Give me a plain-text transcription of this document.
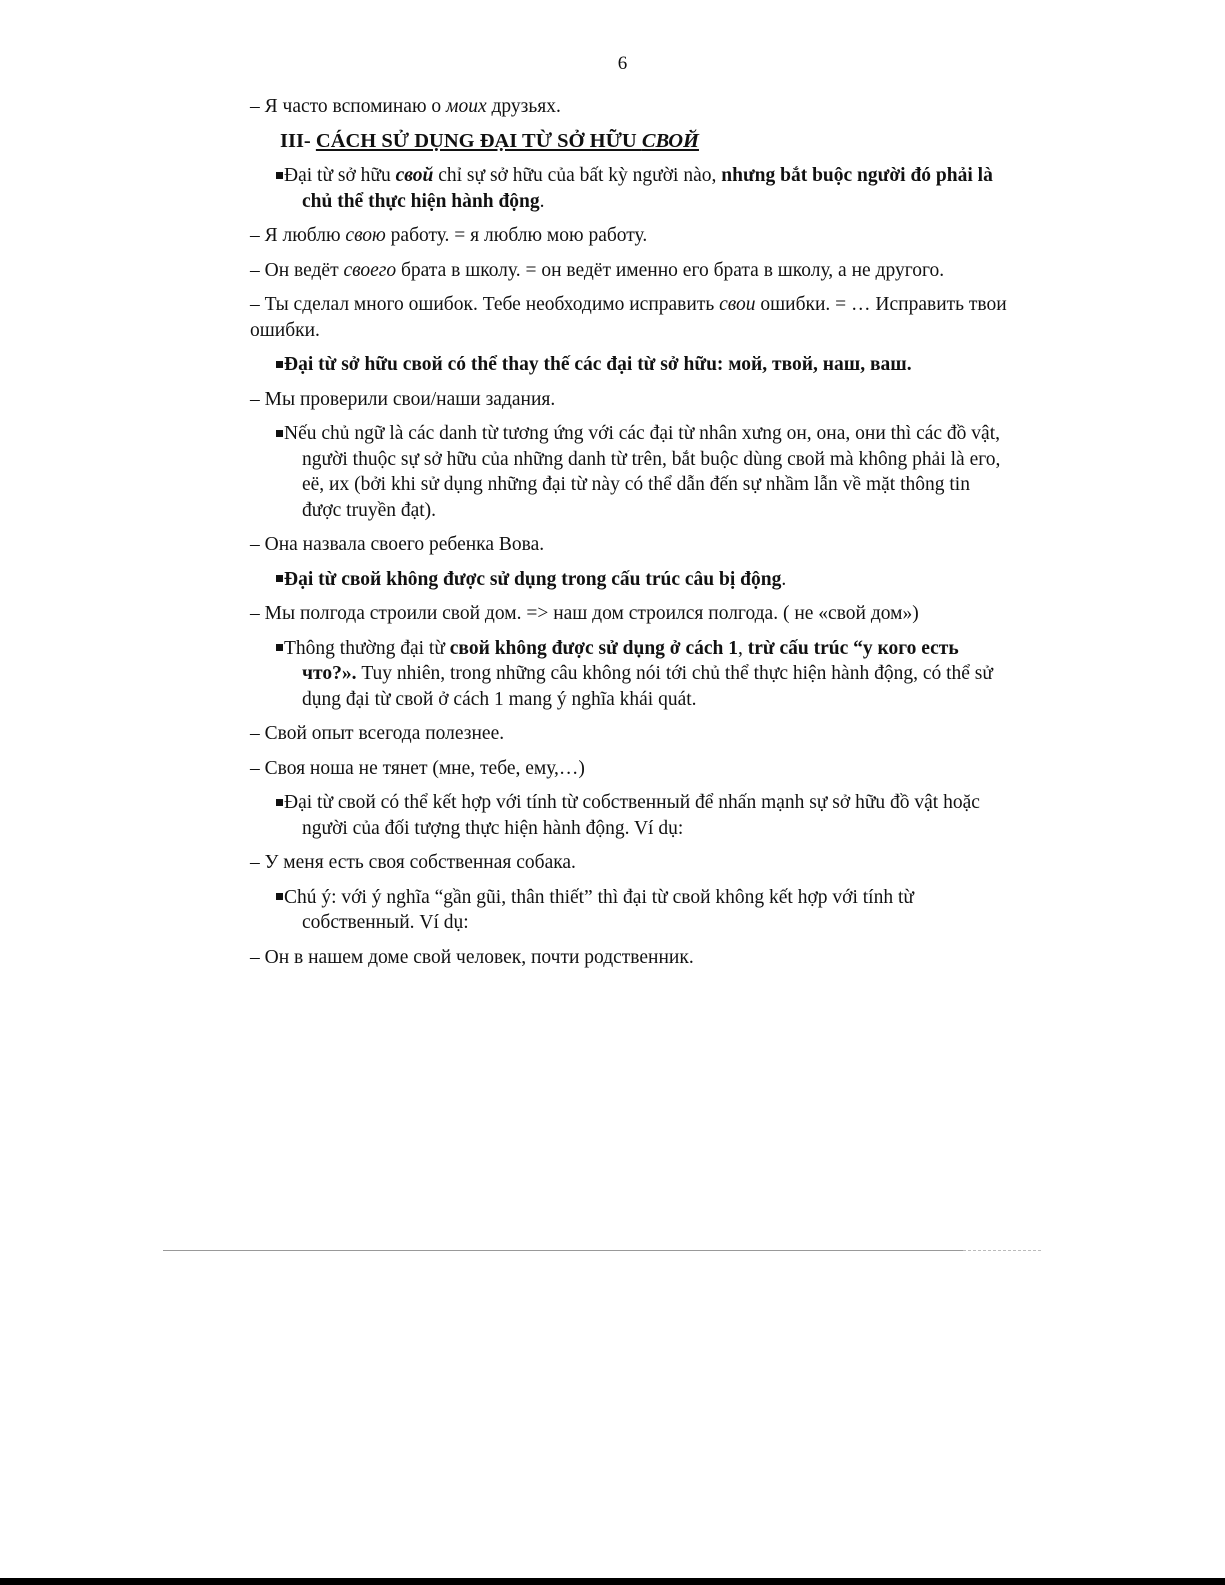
6

– Я часто вспоминаю о моих друзьях.

III- CÁCH SỬ DỤNG ĐẠI TỪ SỞ HỮU СВОЙ

Đại từ sở hữu свой chỉ sự sở hữu của bất kỳ người nào, nhưng bắt buộc người đó phải là chủ thể thực hiện hành động.

– Я люблю свою работу. = я люблю мою работу.

– Он ведёт своего брата в школу. = он ведёт именно его брата в школу, а не другого.

– Ты сделал много ошибок. Тебе необходимо исправить свои ошибки. = … Исправить твои ошибки.

Đại từ sở hữu свой có thể thay thế các đại từ sở hữu: мой, твой, наш, ваш.

– Мы проверили свои/наши задания.

Nếu chủ ngữ là các danh từ tương ứng với các đại từ nhân xưng он, она, они thì các đồ vật, người thuộc sự sở hữu của những danh từ trên, bắt buộc dùng свой mà không phải là его, её, их (bởi khi sử dụng những đại từ này có thể dẫn đến sự nhầm lẫn về mặt thông tin được truyền đạt).

– Она назвала своего ребенка Вова.

Đại từ свой không được sử dụng trong cấu trúc câu bị động.

– Мы полгода строили свой дом. => наш дом строился полгода. ( не «свой дом»)

Thông thường đại từ свой không được sử dụng ở cách 1, trừ cấu trúc “у кого есть что?». Tuy nhiên, trong những câu không nói tới chủ thể thực hiện hành động, có thể sử dụng đại từ свой ở cách 1 mang ý nghĩa khái quát.

– Свой опыт всегода полезнее.

– Своя ноша не тянет (мне, тебе, ему,…)

Đại từ свой có thể kết hợp với tính từ собственный để nhấn mạnh sự sở hữu đồ vật hoặc người của đối tượng thực hiện hành động. Ví dụ:

– У меня есть своя собственная собака.

Chú ý: với ý nghĩa “gần gũi, thân thiết” thì đại từ свой không kết hợp với tính từ собственный. Ví dụ:

– Он в нашем доме свой человек, почти родственник.
